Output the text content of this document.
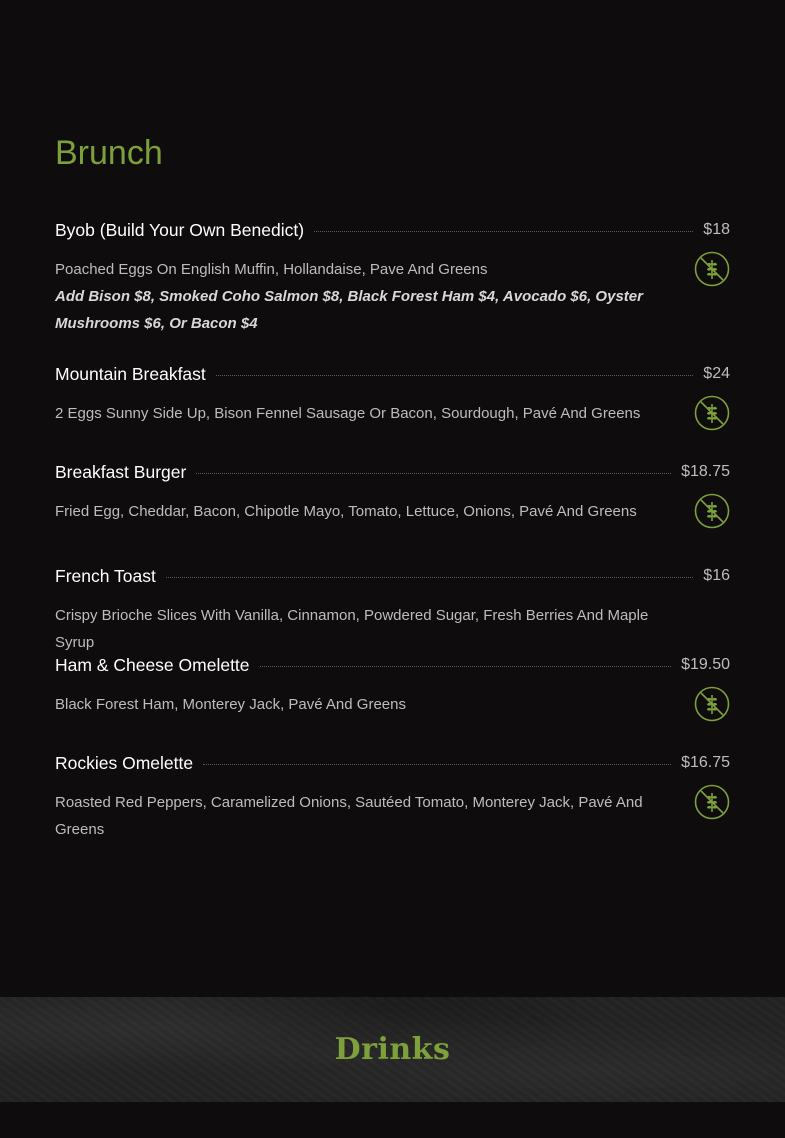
Brunch
Byob (Build Your Own Benedict)	$18

Poached Eggs On English Muffin, Hollandaise, Pave And Greens

Add Bison $8, Smoked Coho Salmon $8, Black Forest Ham $4, Avocado $6, Oyster Mushrooms $6, Or Bacon $4

Mountain Breakfast	$24

2 Eggs Sunny Side Up, Bison Fennel Sausage Or Bacon, Sourdough, Pavé And Greens

Breakfast Burger	$18.75

Fried Egg, Cheddar, Bacon, Chipotle Mayo, Tomato, Lettuce, Onions, Pavé And Greens

French Toast	$16

Crispy Brioche Slices With Vanilla, Cinnamon, Powdered Sugar, Fresh Berries And Maple Syrup

Ham & Cheese Omelette	$19.50

Black Forest Ham, Monterey Jack, Pavé And Greens

Rockies Omelette	$16.75

Roasted Red Peppers, Caramelized Onions, Sautéed Tomato, Monterey Jack, Pavé And Greens

Drinks
